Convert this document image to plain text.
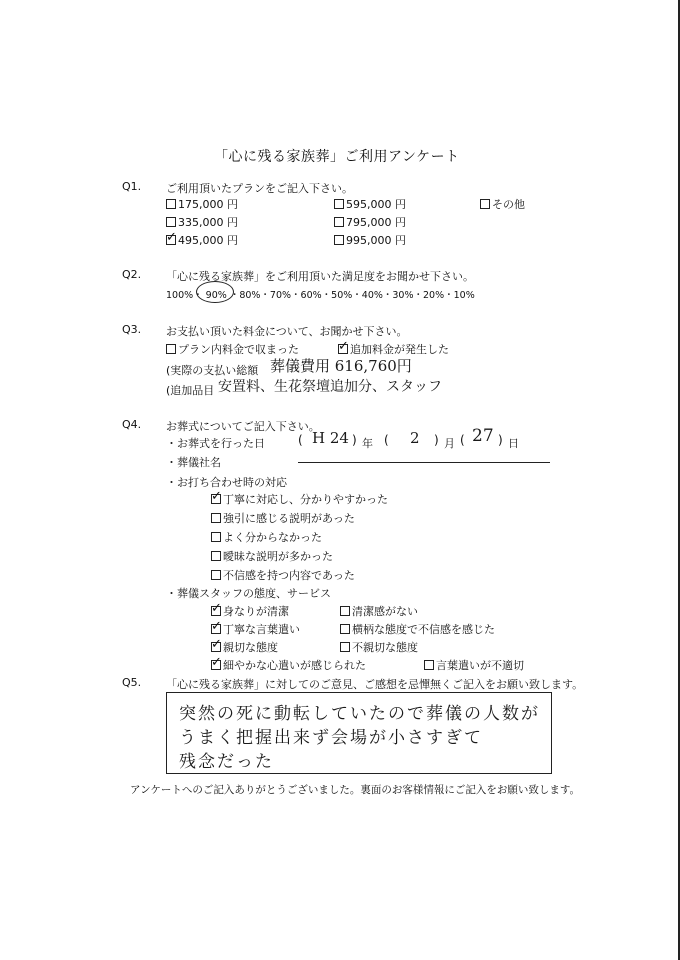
「心に残る家族葬」ご利用アンケート
Q1. ご利用頂いたプランをご記入下さい。
175,000 円
335,000 円
✓ 495,000 円
595,000 円
795,000 円
995,000 円
その他
Q2. 「心に残る家族葬」をご利用頂いた満足度をお聞かせ下さい。
100%・ 90% ・80%・70%・60%・50%・40%・30%・20%・10%
Q3. お支払い頂いた料金について、お聞かせ下さい。
プラン内料金で収まった	✓ 追加料金が発生した
(実際の支払い総額 葬儀費用 616,760円
(追加品目 安置料、生花祭壇追加分、スタッフ
Q4. お葬式についてご記入下さい。
・お葬式を行った日	( H 24 ) 年 ( 2 ) 月 ( 27 ) 日
・葬儀社名
・お打ち合わせ時の対応
✓ 丁寧に対応し、分かりやすかった
強引に感じる説明があった
よく分からなかった
曖昧な説明が多かった
不信感を持つ内容であった
・葬儀スタッフの態度、サービス
✓ 身なりが清潔
✓ 丁寧な言葉遣い
✓ 親切な態度
✓ 細やかな心遣いが感じられた
清潔感がない
横柄な態度で不信感を感じた
不親切な態度
言葉遣いが不適切
Q5. 「心に残る家族葬」に対してのご意見、ご感想を忌憚無くご記入をお願い致します。
突然の死に動転していたので葬儀の人数が
うまく把握出来ず会場が小さすぎて
残念だった
アンケートへのご記入ありがとうございました。裏面のお客様情報にご記入をお願い致します。
